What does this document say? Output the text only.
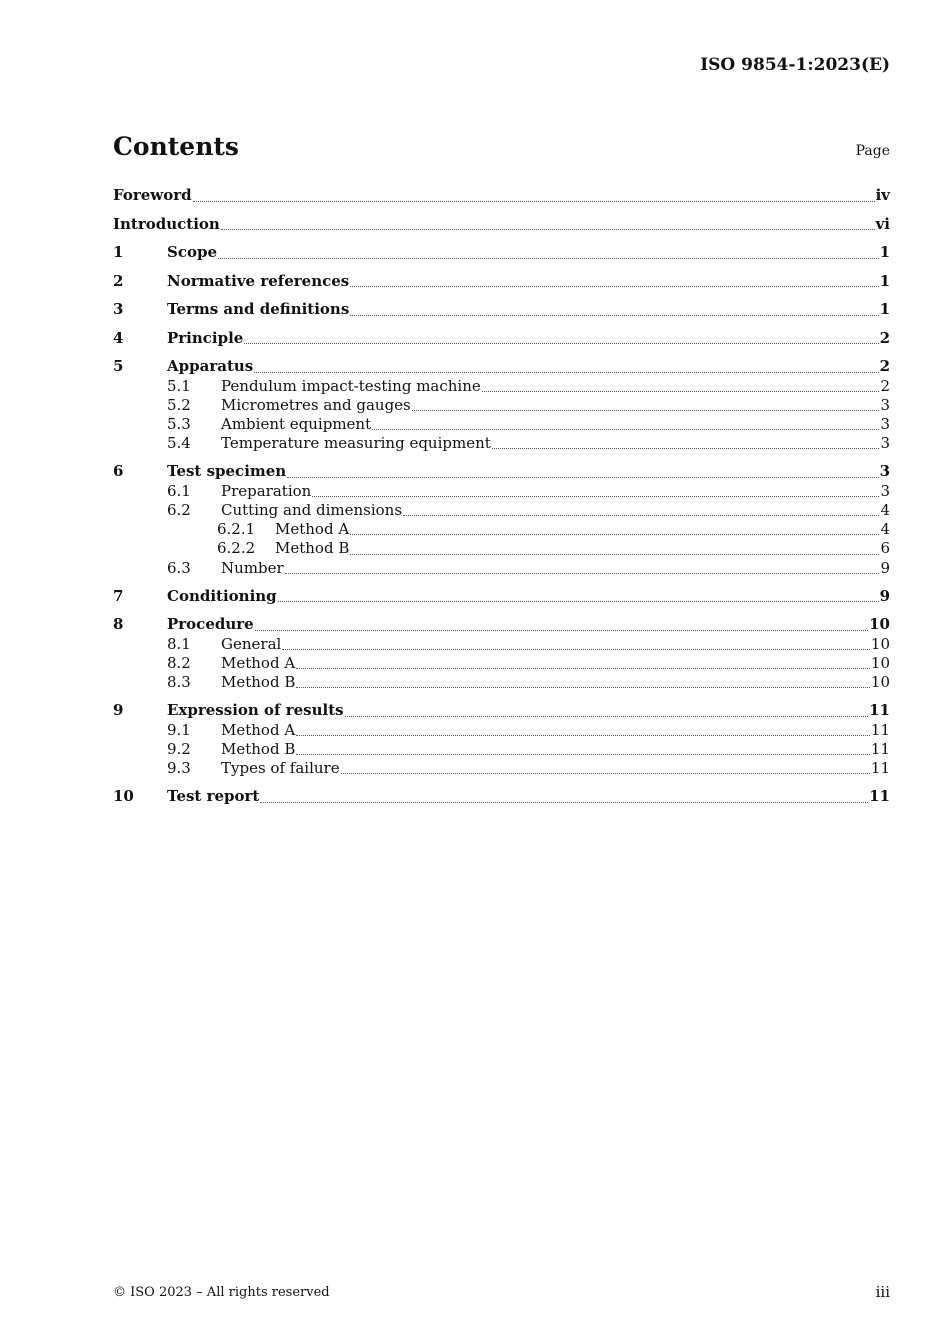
ISO 9854-1:2023(E)
Contents	Page
Foreword	iv
Introduction	vi
1	Scope	1
2	Normative references	1
3	Terms and definitions	1
4	Principle	2
5	Apparatus	2
5.1	Pendulum impact-testing machine	2
5.2	Micrometres and gauges	3
5.3	Ambient equipment	3
5.4	Temperature measuring equipment	3
6	Test specimen	3
6.1	Preparation	3
6.2	Cutting and dimensions	4
6.2.1	Method A	4
6.2.2	Method B	6
6.3	Number	9
7	Conditioning	9
8	Procedure	10
8.1	General	10
8.2	Method A	10
8.3	Method B	10
9	Expression of results	11
9.1	Method A	11
9.2	Method B	11
9.3	Types of failure	11
10	Test report	11
© ISO 2023 – All rights reserved	iii
